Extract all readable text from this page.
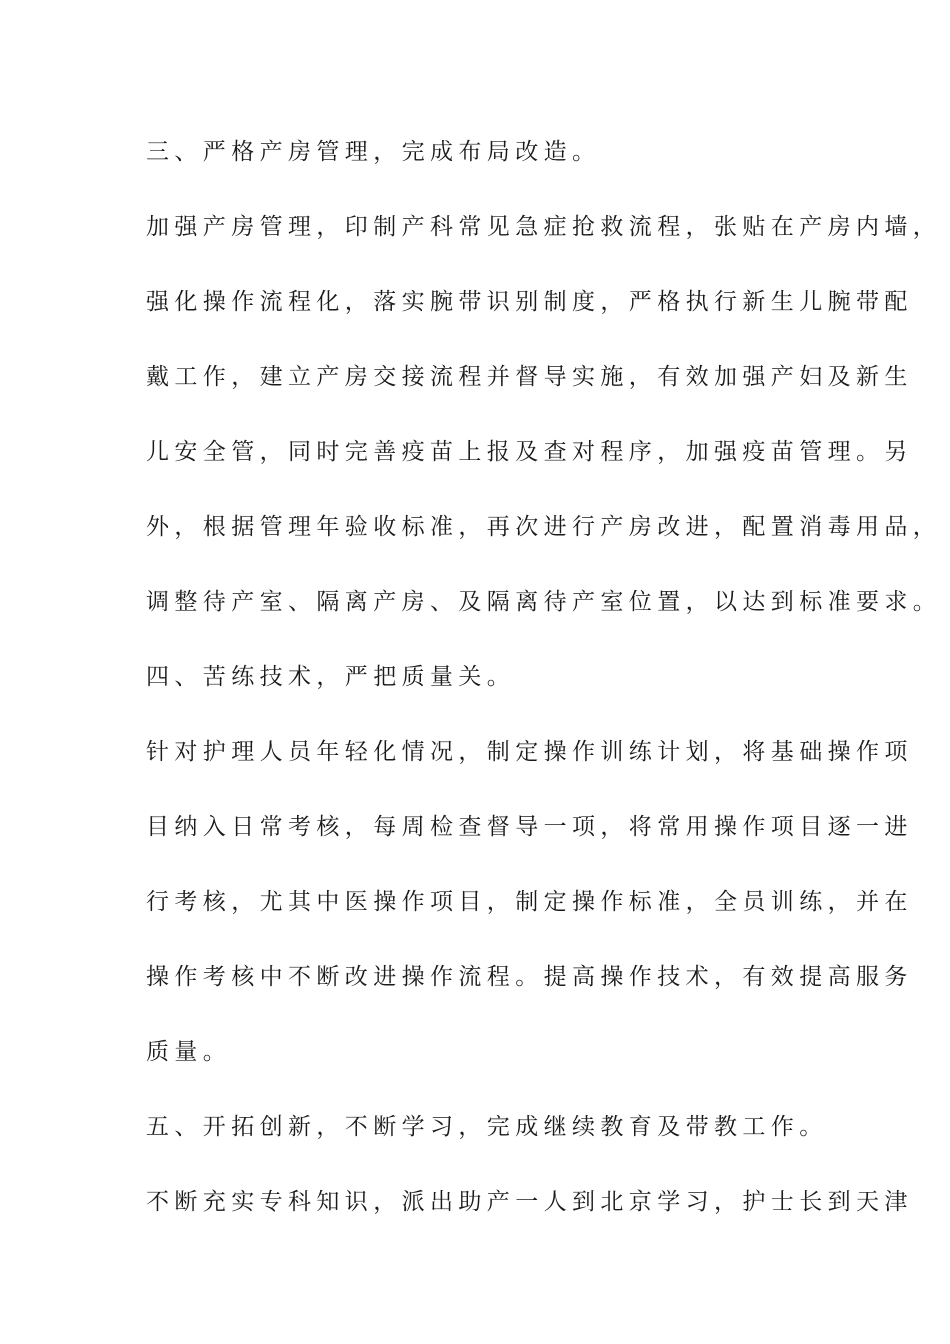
三、严格产房管理，完成布局改造。

加强产房管理，印制产科常见急症抢救流程，张贴在产房内墙，

强化操作流程化，落实腕带识别制度，严格执行新生儿腕带配

戴工作，建立产房交接流程并督导实施，有效加强产妇及新生

儿安全管，同时完善疫苗上报及查对程序，加强疫苗管理。另

外，根据管理年验收标准，再次进行产房改进，配置消毒用品，

调整待产室、隔离产房、及隔离待产室位置，以达到标准要求。

四、苦练技术，严把质量关。

针对护理人员年轻化情况，制定操作训练计划，将基础操作项

目纳入日常考核，每周检查督导一项，将常用操作项目逐一进

行考核，尤其中医操作项目，制定操作标准，全员训练，并在

操作考核中不断改进操作流程。提高操作技术，有效提高服务

质量。

五、开拓创新，不断学习，完成继续教育及带教工作。

不断充实专科知识，派出助产一人到北京学习，护士长到天津
